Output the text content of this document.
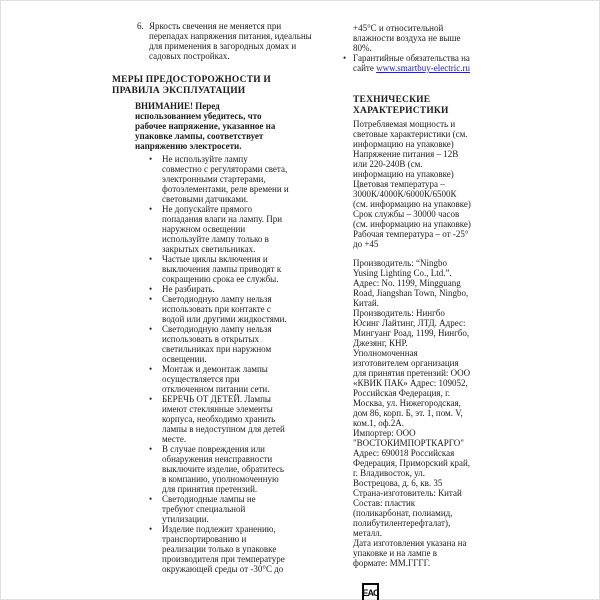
6. Яркость свечения не меняется при перепадах напряжения питания, идеальны для применения в загородных домах и садовых постройках.
МЕРЫ ПРЕДОСТОРОЖНОСТИ И
ПРАВИЛА ЭКСПЛУАТАЦИИ
ВНИМАНИЕ! Перед использованием убедитесь, что рабочее напряжение, указанное на упаковке лампы, соответствует напряжению электросети.
•	Не используйте лампу совместно с регуляторами света, электронными стартерами, фотоэлементами, реле времени и световыми датчиками.
•	Не допускайте прямого попадания влаги на лампу. При наружном освещении используйте лампу только в закрытых светильниках.
•	Частые циклы включения и выключения лампы приводят к сокращению срока ее службы.
•	Не разбирать.
•	Светодиодную лампу нельзя использовать при контакте с водой или другими жидкостями.
•	Светодиодную лампу нельзя использовать в открытых светильниках при наружном освещении.
•	Монтаж и демонтаж лампы осуществляется при отключенном питании сети.
•	БЕРЕЧЬ ОТ ДЕТЕЙ. Лампы имеют стеклянные элементы корпуса, необходимо хранить лампы в недоступном для детей месте.
•	В случае повреждения или обнаружения неисправности выключите изделие, обратитесь в компанию, уполномоченную для принятия претензий.
•	Светодиодные лампы не требуют специальной утилизации.
•	Изделие подлежит хранению, транспортированию и реализации только в упаковке производителя при температуре окружающей среды от -30°С до
+45°С и относительной влажности воздуха не выше 80%.
• Гарантийные обязательства на сайте www.smartbuy-electric.ru
ТЕХНИЧЕСКИЕ
ХАРАКТЕРИСТИКИ

Потребляемая мощность и световые характеристики (см. информацию на упаковке)

Напряжение питания – 12В или 220-240В (см. информацию на упаковке)

Цветовая температура – 3000К/4000К/6000К/6500К (см. информацию на упаковке)

Срок службы – 30000 часов (см. информацию на упаковке)

Рабочая температура – от -25° до +45

Производитель: “Ningbo Yusing Lighting Co., Ltd.”. Адрес: No. 1199, Mingguang Road, Jiangshan Town, Ningbo, Китай.

Производитель: Нингбо Юсинг Лайтинг, ЛТД. Адрес: Мингуанг Роад, 1199, Нингбо, Джезянг, КНР.

Уполномоченная изготовителем организация для принятия претензий: ООО «КВИК ПАК» Адрес: 109052, Российская Федерация, г. Москва, ул. Нижегородская, дом 86, корп. Б, эт. 1, пом. V, ком.1, оф.2А.

Импортер: ООО "ВОСТОКИМПОРТКАРГО" Адрес: 690018 Российская Федерация, Приморский край, г. Владивосток, ул. Вострецова, д. 6, кв. 35

Страна-изготовитель: Китай

Состав: пластик (поликарбонат, полиамид, полибутилентерефталат), металл.

Дата изготовления указана на упаковке и на лампе в формате: ММ.ГГГГ.

ЕАС
